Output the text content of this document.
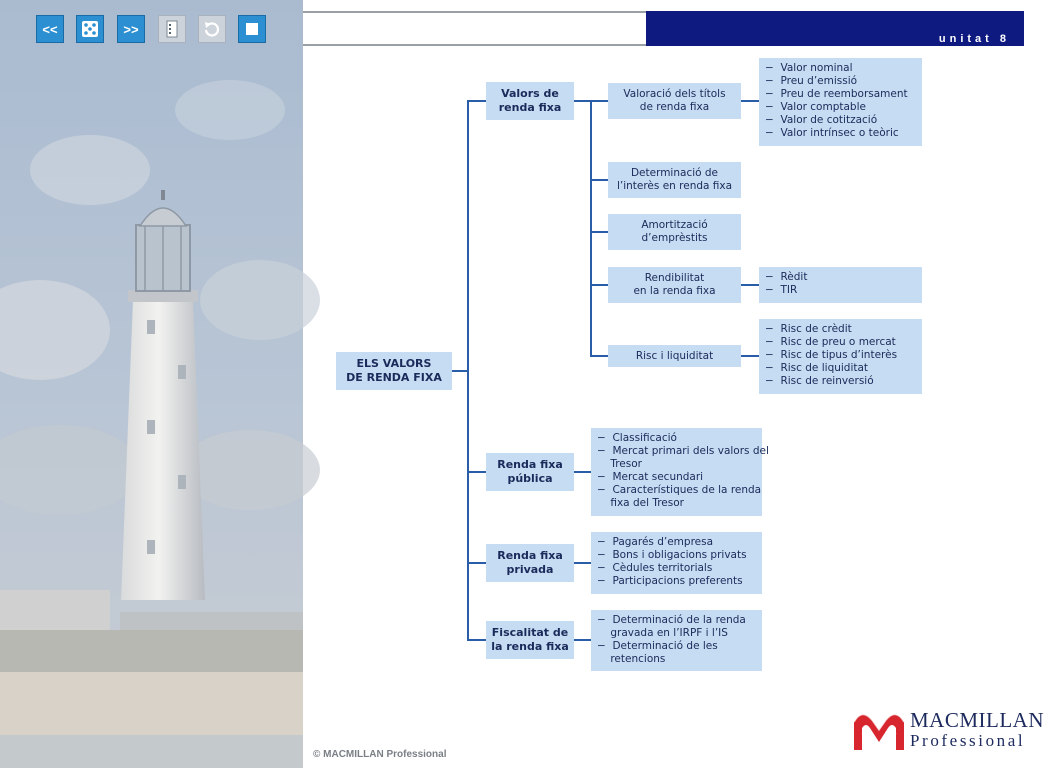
<<	>>
unitat 8
ELS VALORS
DE RENDA FIXA
Valors de
renda fixa
Renda fixa
pública
Renda fixa
privada
Fiscalitat de
la renda fixa
Valoració dels títols
de renda fixa
Determinació de
l’interès en renda fixa
Amortització
d’emprèstits
Rendibilitat
en la renda fixa
Risc i liquiditat
−  Valor nominal
−  Preu d’emissió
−  Preu de reemborsament
−  Valor comptable
−  Valor de cotització
−  Valor intrínsec o teòric
−  Rèdit
−  TIR
−  Risc de crèdit
−  Risc de preu o mercat
−  Risc de tipus d’interès
−  Risc de liquiditat
−  Risc de reinversió
−  Classificació
−  Mercat primari dels valors del
Tresor
−  Mercat secundari
−  Característiques de la renda
fixa del Tresor
−  Pagarés d’empresa
−  Bons i obligacions privats
−  Cèdules territorials
−  Participacions preferents
−  Determinació de la renda
gravada en l’IRPF i l’IS
−  Determinació de les
retencions
© MACMILLAN Professional
MACMILLAN
Professional
